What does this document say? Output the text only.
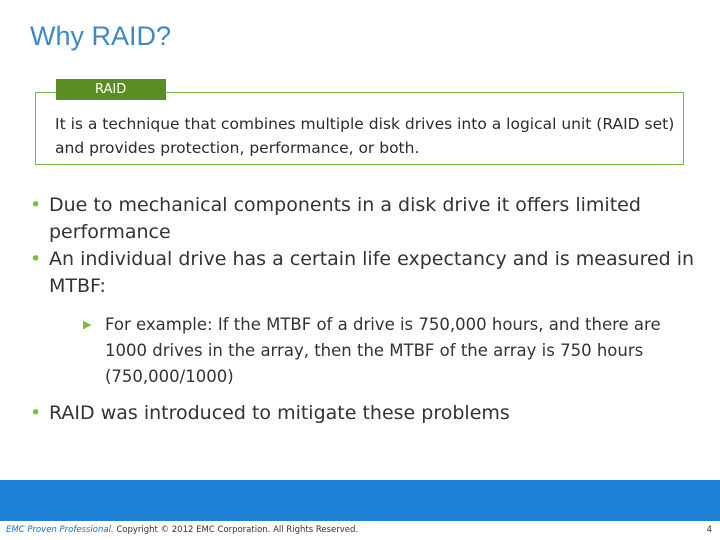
Why RAID?
RAID
It is a technique that combines multiple disk drives into a logical unit (RAID set) and provides protection, performance, or both.
• Due to mechanical components in a disk drive it offers limited performance
• An individual drive has a certain life expectancy and is measured in MTBF:
▶ For example: If the MTBF of a drive is 750,000 hours, and there are 1000 drives in the array, then the MTBF of the array is 750 hours (750,000/1000)
• RAID was introduced to mitigate these problems
EMC Proven Professional. Copyright © 2012 EMC Corporation. All Rights Reserved.	4
